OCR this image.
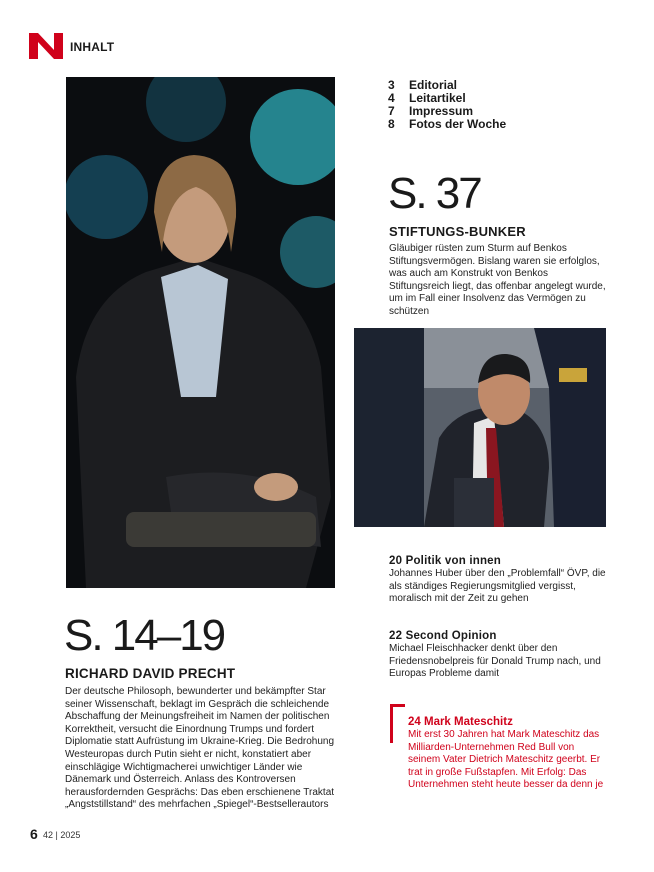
INHALT
3 Editorial
4 Leitartikel
7 Impressum
8 Fotos der Woche
S. 37
STIFTUNGS-BUNKER
Gläubiger rüsten zum Sturm auf Benkos Stiftungsvermögen. Bislang waren sie erfolglos, was auch am Konstrukt von Benkos Stiftungsreich liegt, das offenbar angelegt wurde, um im Fall einer Insolvenz das Vermögen zu schützen
20 Politik von innen
Johannes Huber über den „Problemfall“ ÖVP, die als ständiges Regierungsmitglied vergisst, moralisch mit der Zeit zu gehen
22 Second Opinion
Michael Fleischhacker denkt über den Friedensnobelpreis für Donald Trump nach, und Europas Probleme damit
S. 14–19
RICHARD DAVID PRECHT
Der deutsche Philosoph, bewunderter und bekämpfter Star seiner Wissenschaft, beklagt im Gespräch die schleichende Abschaffung der Meinungsfreiheit im Namen der politischen Korrektheit, versucht die Einordnung Trumps und fordert Diplomatie statt Aufrüstung im Ukraine-Krieg. Die Bedrohung Westeuropas durch Putin sieht er nicht, konstatiert aber einschlägige Wichtigmacherei unwichtiger Länder wie Dänemark und Österreich. Anlass des Kontroversen herausfordernden Gesprächs: Das eben erschienene Traktat „Angststillstand“ des mehrfachen „Spiegel“-Bestsellerautors
24 Mark Mateschitz
Mit erst 30 Jahren hat Mark Mateschitz das Milliarden-Unternehmen Red Bull von seinem Vater Dietrich Mateschitz geerbt. Er trat in große Fußstapfen. Mit Erfolg: Das Unternehmen steht heute besser da denn je
6 42 | 2025
